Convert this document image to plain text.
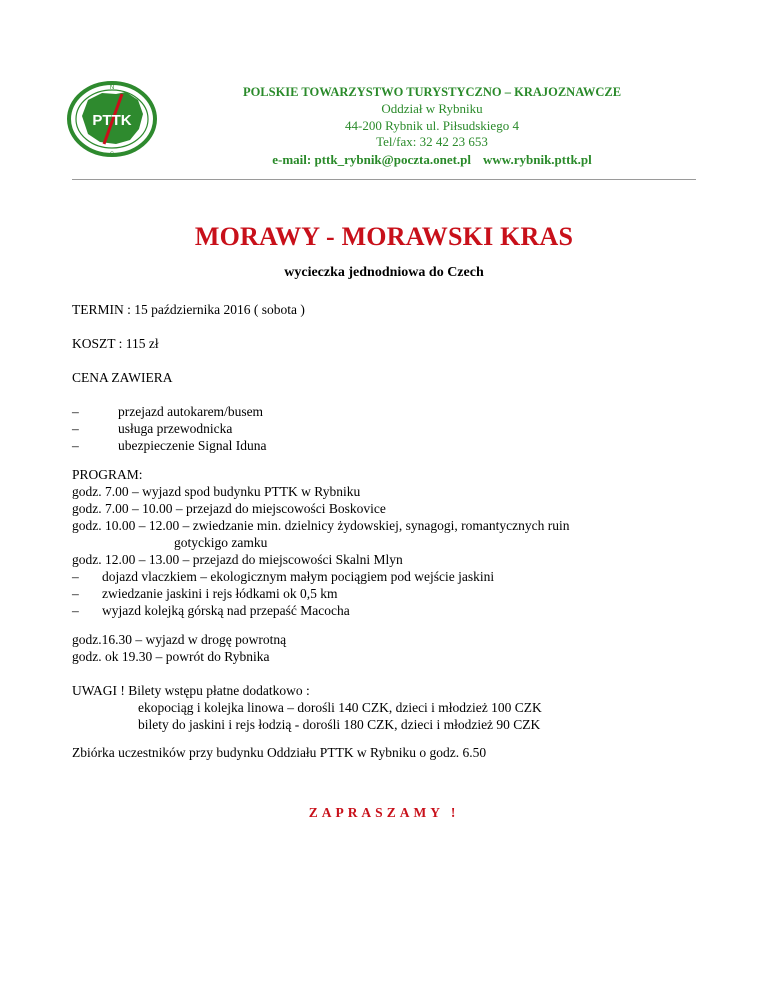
PTTK
N
S
POLSKIE TOWARZYSTWO TURYSTYCZNO – KRAJOZNAWCZE
Oddział w Rybniku
44-200 Rybnik ul. Piłsudskiego 4
Tel/fax: 32 42 23 653
e-mail: pttk_rybnik@poczta.onet.pl www.rybnik.pttk.pl
MORAWY - MORAWSKI KRAS
wycieczka jednodniowa do Czech
TERMIN : 15 października 2016 ( sobota )
KOSZT : 115 zł
CENA ZAWIERA
–	przejazd autokarem/busem
–	usługa przewodnicka
–	ubezpieczenie Signal Iduna
PROGRAM:
godz. 7.00 – wyjazd spod budynku PTTK w Rybniku
godz. 7.00 – 10.00 – przejazd do miejscowości Boskovice
godz. 10.00 – 12.00 – zwiedzanie min. dzielnicy żydowskiej, synagogi, romantycznych ruin
gotyckigo zamku
godz. 12.00 – 13.00 – przejazd do miejscowości Skalni Mlyn
– dojazd vlaczkiem – ekologicznym małym pociągiem pod wejście jaskini
– zwiedzanie jaskini i rejs łódkami ok 0,5 km
– wyjazd kolejką górską nad przepaść Macocha
godz.16.30 – wyjazd w drogę powrotną
godz. ok 19.30 – powrót do Rybnika
UWAGI ! Bilety wstępu płatne dodatkowo :
ekopociąg i kolejka linowa – dorośli 140 CZK, dzieci i młodzież 100 CZK
bilety do jaskini i rejs łodzią - dorośli 180 CZK, dzieci i młodzież 90 CZK
Zbiórka uczestników przy budynku Oddziału PTTK w Rybniku o godz. 6.50
ZAPRASZAMY !
